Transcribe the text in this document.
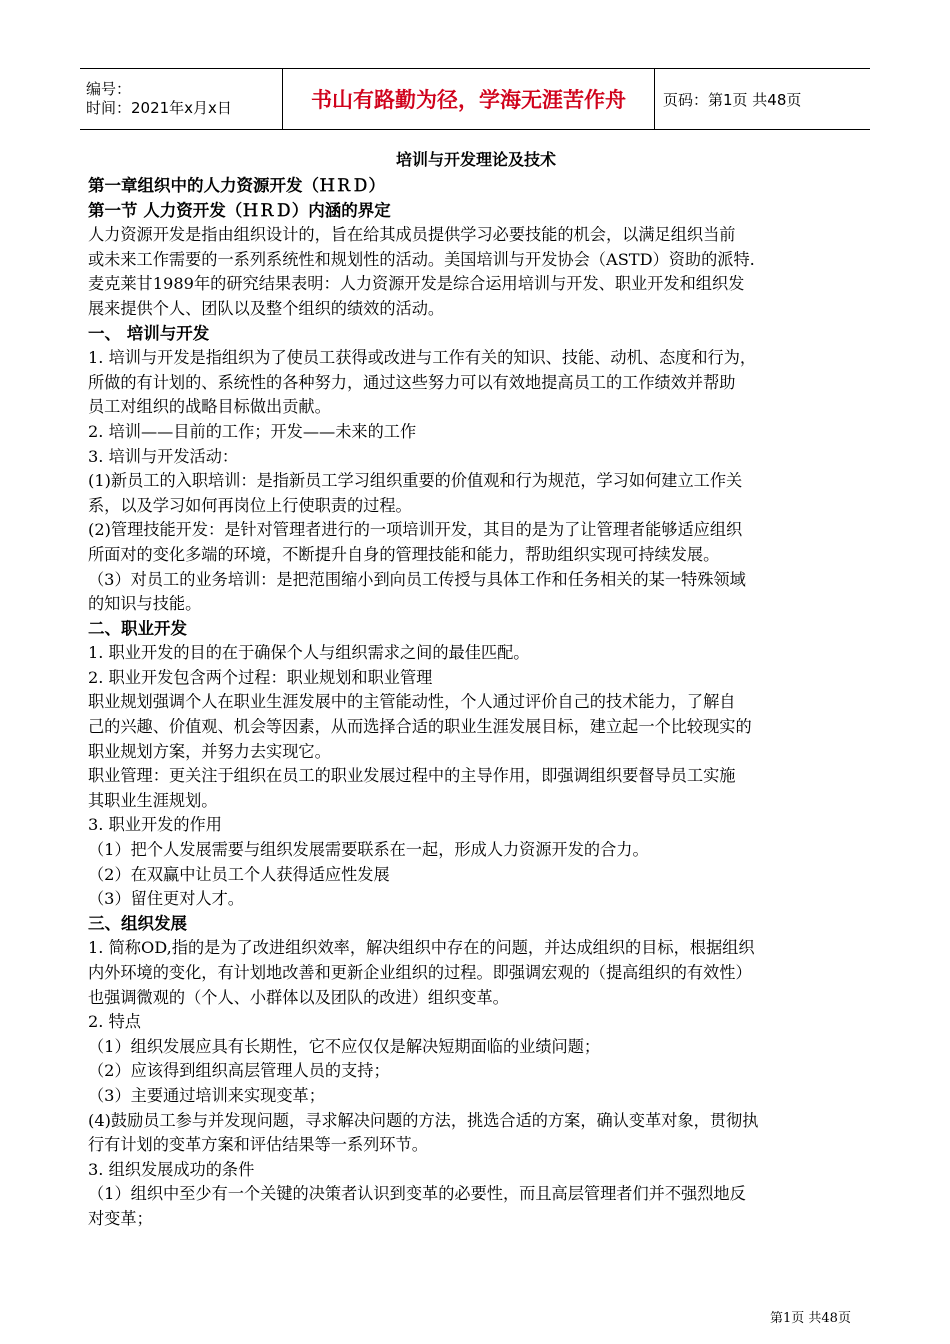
编号：
时间：2021年x月x日	书山有路勤为径，学海无涯苦作舟 页码：第1页 共48页
培训与开发理论及技术
第一章组织中的人力资源开发（ＨＲＤ）
第一节 人力资开发（ＨＲＤ）内涵的界定
人力资源开发是指由组织设计的，旨在给其成员提供学习必要技能的机会，以满足组织当前
或未来工作需要的一系列系统性和规划性的活动。美国培训与开发协会（ASTD）资助的派特.
麦克莱甘1989年的研究结果表明：人力资源开发是综合运用培训与开发、职业开发和组织发
展来提供个人、团队以及整个组织的绩效的活动。
一、 培训与开发
1. 培训与开发是指组织为了使员工获得或改进与工作有关的知识、技能、动机、态度和行为，
所做的有计划的、系统性的各种努力，通过这些努力可以有效地提高员工的工作绩效并帮助
员工对组织的战略目标做出贡献。
2. 培训——目前的工作；开发——未来的工作
3. 培训与开发活动：
(1)新员工的入职培训：是指新员工学习组织重要的价值观和行为规范，学习如何建立工作关
系，以及学习如何再岗位上行使职责的过程。
(2)管理技能开发：是针对管理者进行的一项培训开发，其目的是为了让管理者能够适应组织
所面对的变化多端的环境，不断提升自身的管理技能和能力，帮助组织实现可持续发展。
（3）对员工的业务培训：是把范围缩小到向员工传授与具体工作和任务相关的某一特殊领域
的知识与技能。
二、职业开发
1. 职业开发的目的在于确保个人与组织需求之间的最佳匹配。
2. 职业开发包含两个过程：职业规划和职业管理
职业规划强调个人在职业生涯发展中的主管能动性，个人通过评价自己的技术能力，了解自
己的兴趣、价值观、机会等因素，从而选择合适的职业生涯发展目标，建立起一个比较现实的
职业规划方案，并努力去实现它。
职业管理：更关注于组织在员工的职业发展过程中的主导作用，即强调组织要督导员工实施
其职业生涯规划。
3. 职业开发的作用
（1）把个人发展需要与组织发展需要联系在一起，形成人力资源开发的合力。
（2）在双赢中让员工个人获得适应性发展
（3）留住更对人才。
三、组织发展
1. 简称OD,指的是为了改进组织效率，解决组织中存在的问题，并达成组织的目标，根据组织
内外环境的变化，有计划地改善和更新企业组织的过程。即强调宏观的（提高组织的有效性）
也强调微观的（个人、小群体以及团队的改进）组织变革。
2. 特点
（1）组织发展应具有长期性，它不应仅仅是解决短期面临的业绩问题；
（2）应该得到组织高层管理人员的支持；
（3）主要通过培训来实现变革；
(4)鼓励员工参与并发现问题，寻求解决问题的方法，挑选合适的方案，确认变革对象，贯彻执
行有计划的变革方案和评估结果等一系列环节。
3. 组织发展成功的条件
（1）组织中至少有一个关键的决策者认识到变革的必要性，而且高层管理者们并不强烈地反
对变革；
第1页 共48页
